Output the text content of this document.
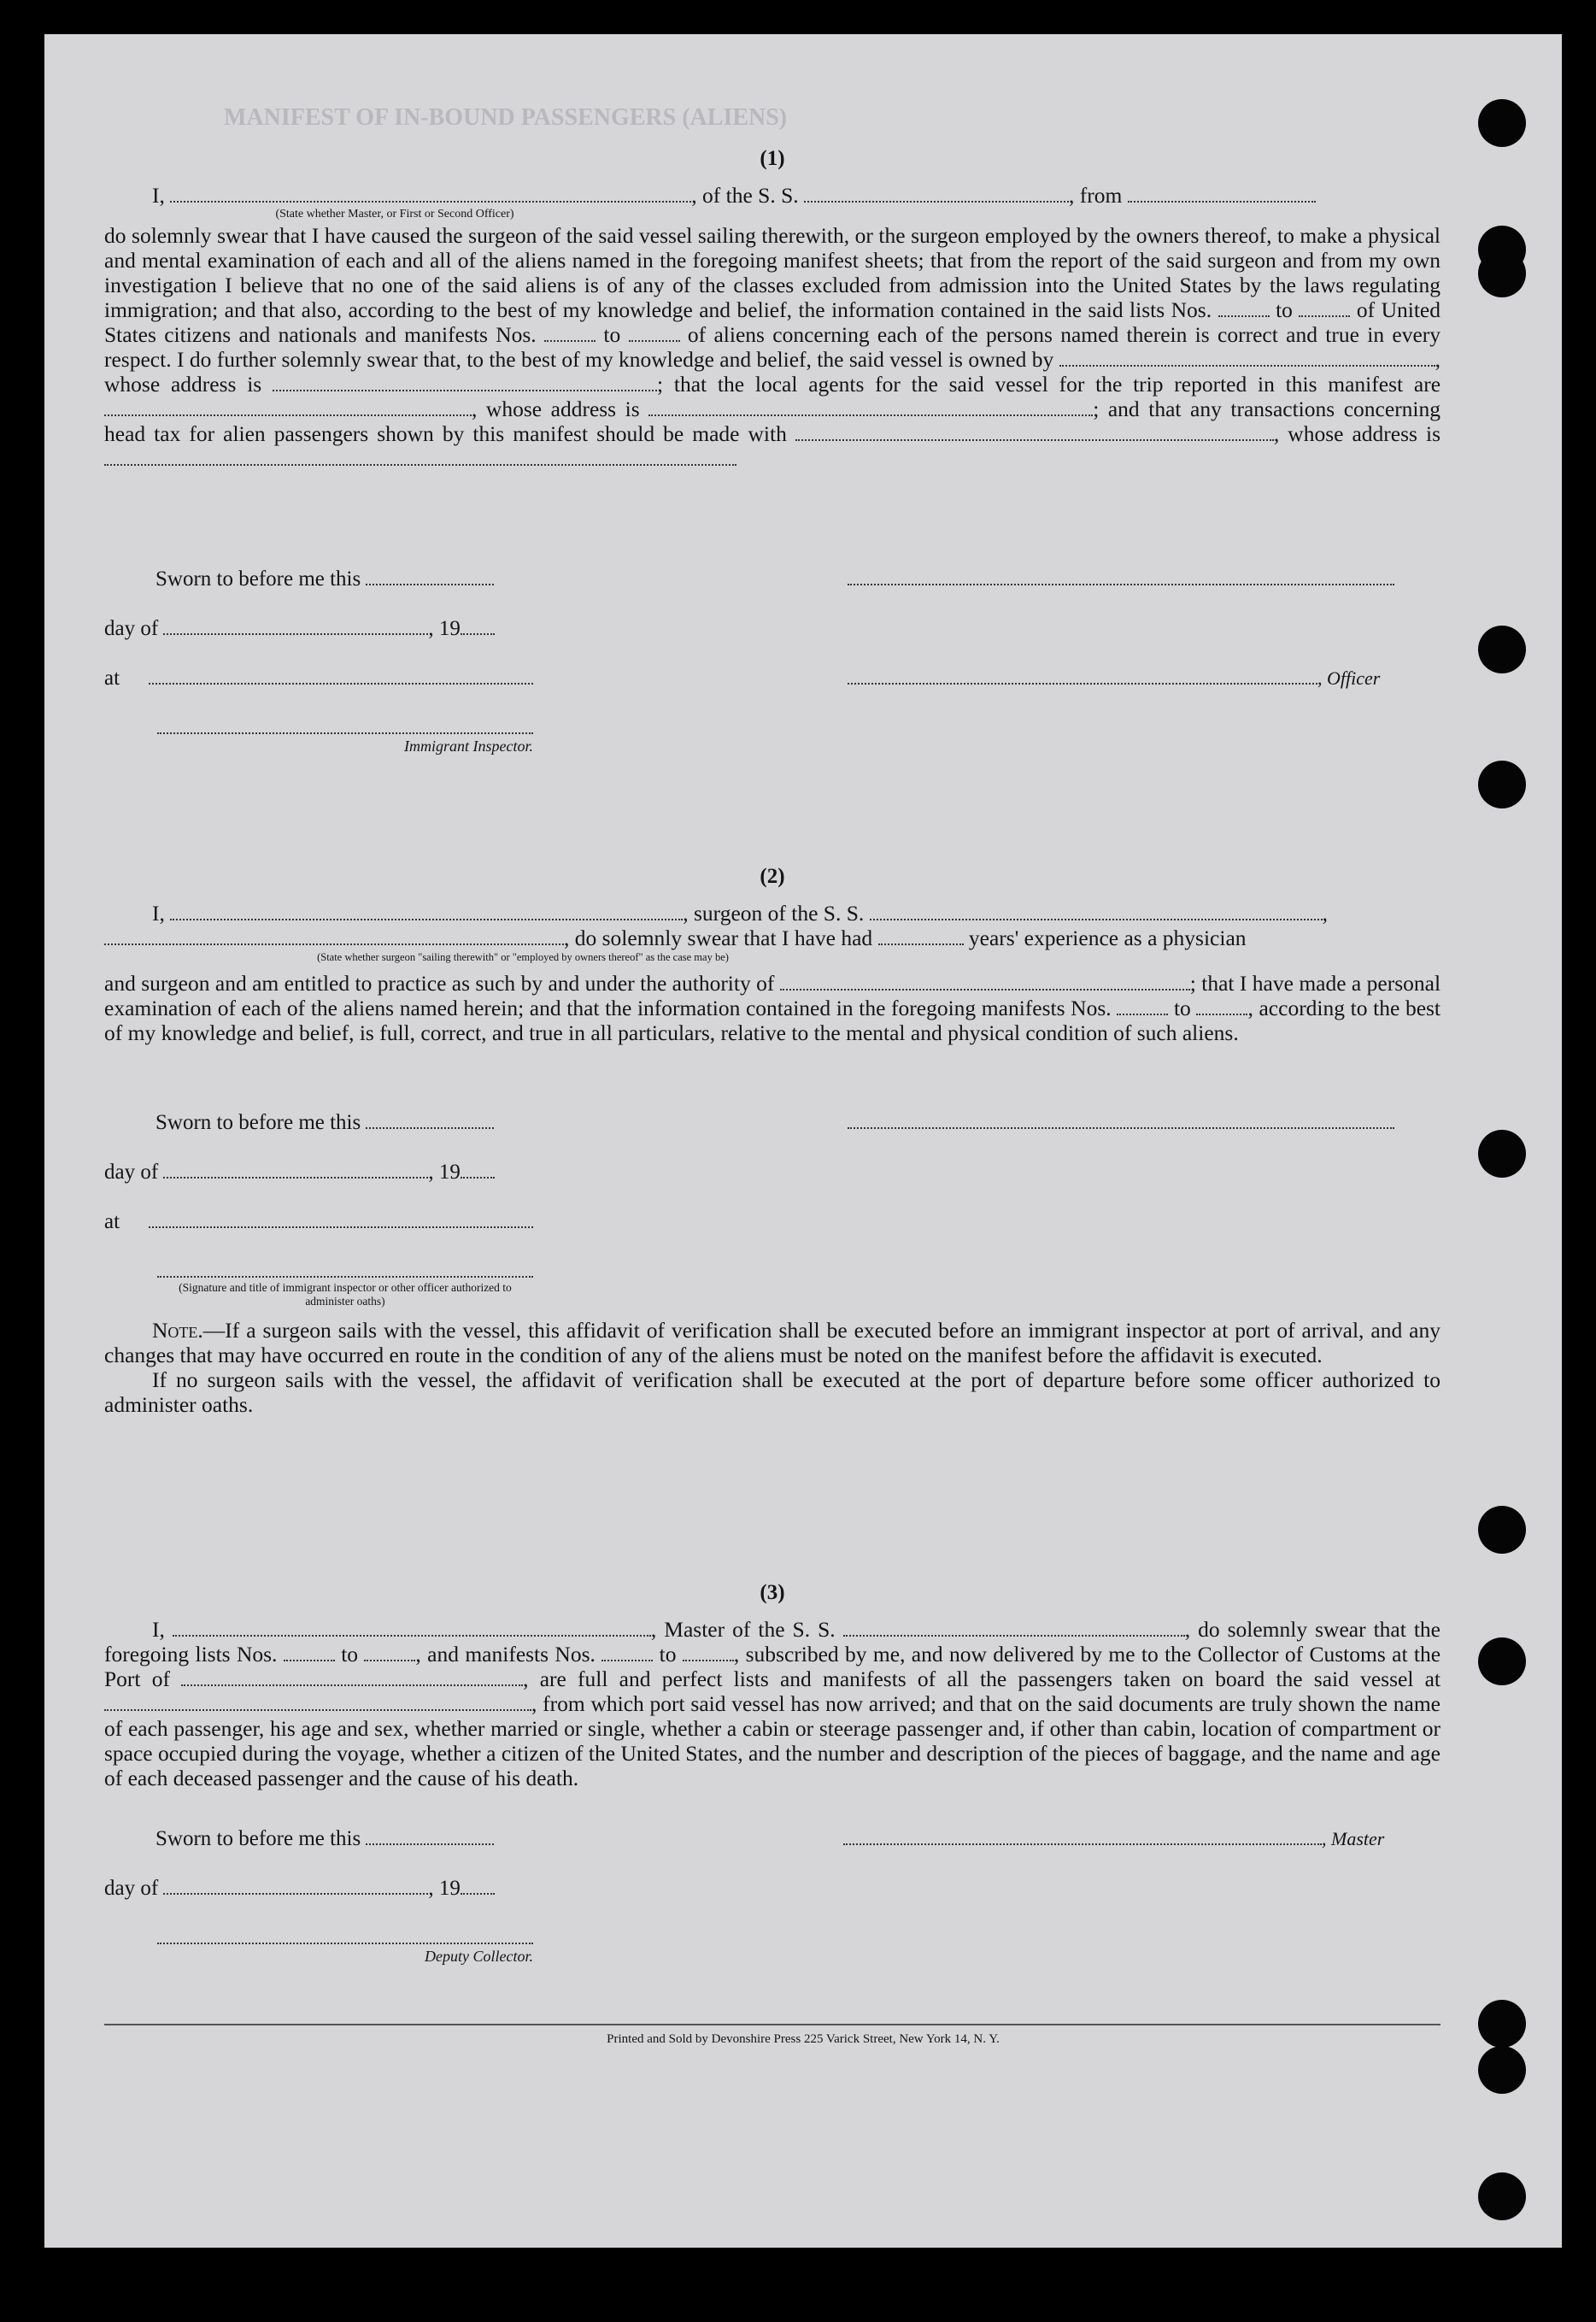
MANIFEST OF IN-BOUND PASSENGERS (ALIENS)

(1)

I,	, of the S. S.	, from

(State whether Master, or First or Second Officer)

do solemnly swear that I have caused the surgeon of the said vessel sailing therewith, or the surgeon employed by the owners thereof, to make a physical and mental examination of each and all of the aliens named in the foregoing manifest sheets; that from the report of the said surgeon and from my own investigation I believe that no one of the said aliens is of any of the classes excluded from admission into the United States by the laws regulating immigration; and that also, according to the best of my knowledge and belief, the information contained in the said lists Nos.	to	of United States citizens and nationals and manifests Nos.	to	of aliens concerning each of the persons named therein is correct and true in every respect. I do further solemnly swear that, to the best of my knowledge and belief, the said vessel is owned by	, whose address is	; that the local agents for the said vessel for the trip reported in this manifest are , whose address is	; and that any transactions concerning head tax for alien passengers shown by this manifest should be made with	, whose address is

Sworn to before me this
day of	, 19
at	, Officer
Immigrant Inspector.

(2)

I,	, surgeon of the S. S.	,

, do solemnly swear that I have had	years' experience as a physician

(State whether surgeon "sailing therewith" or "employed by owners thereof" as the case may be)

and surgeon and am entitled to practice as such by and under the authority of	; that I have made a personal examination of each of the aliens named herein; and that the information contained in the foregoing manifests Nos.	to	, according to the best of my knowledge and belief, is full, correct, and true in all particulars, relative to the mental and physical condition of such aliens.

Sworn to before me this
day of	, 19
at
(Signature and title of immigrant inspector or other officer authorized to administer oaths)

Note.—If a surgeon sails with the vessel, this affidavit of verification shall be executed before an immigrant inspector at port of arrival, and any changes that may have occurred en route in the condition of any of the aliens must be noted on the manifest before the affidavit is executed.

If no surgeon sails with the vessel, the affidavit of verification shall be executed at the port of departure before some officer authorized to administer oaths.

(3)

I,	, Master of the S. S.	, do solemnly swear that the foregoing lists Nos.	to	, and manifests Nos.	to	, subscribed by me, and now delivered by me to the Collector of Customs at the Port of	, are full and perfect lists and manifests of all the passengers taken on board the said vessel at , from which port said vessel has now arrived; and that on the said documents are truly shown the name of each passenger, his age and sex, whether married or single, whether a cabin or steerage passenger and, if other than cabin, location of compartment or space occupied during the voyage, whether a citizen of the United States, and the number and description of the pieces of baggage, and the name and age of each deceased passenger and the cause of his death.

Sworn to before me this	, Master
day of	, 19
Deputy Collector.
Printed and Sold by Devonshire Press 225 Varick Street, New York 14, N. Y.
